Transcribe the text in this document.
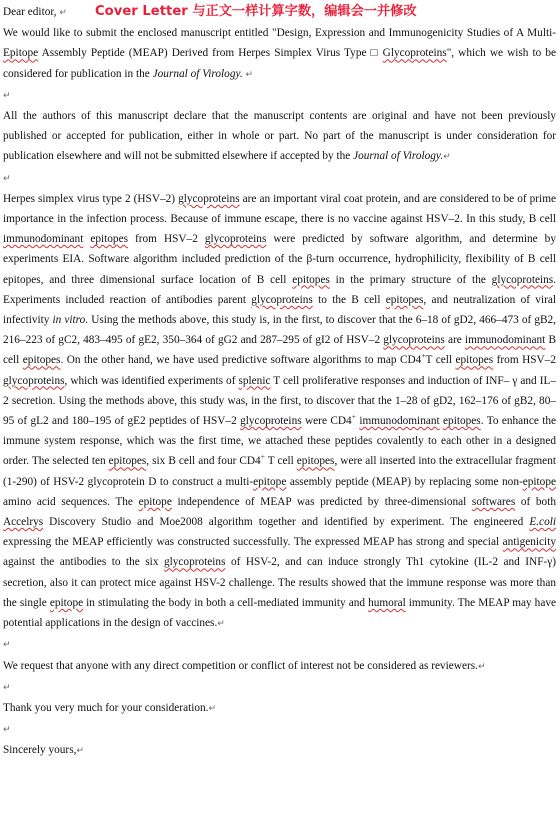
Dear editor, ↵ Cover Letter 与正文一样计算字数，编辑会一并修改
We would like to submit the enclosed manuscript entitled "Design, Expression and Immunogenicity Studies of A Multi-Epitope Assembly Peptide (MEAP) Derived from Herpes Simplex Virus Type □ Glycoproteins", which we wish to be considered for publication in the Journal of Virology. ↵
↵
All the authors of this manuscript declare that the manuscript contents are original and have not been previously published or accepted for publication, either in whole or part. No part of the manuscript is under consideration for publication elsewhere and will not be submitted elsewhere if accepted by the Journal of Virology.↵
↵
Herpes simplex virus type 2 (HSV–2) glycoproteins are an important viral coat protein, and are considered to be of prime importance in the infection process. Because of immune escape, there is no vaccine against HSV–2. In this study, B cell immunodominant epitopes from HSV–2 glycoproteins were predicted by software algorithm, and determine by experiments EIA. Software algorithm included prediction of the β-turn occurrence, hydrophilicity, flexibility of B cell epitopes, and three dimensional surface location of B cell epitopes in the primary structure of the glycoproteins. Experiments included reaction of antibodies parent glycoproteins to the B cell epitopes, and neutralization of viral infectivity in vitro. Using the methods above, this study is, in the first, to discover that the 6–18 of gD2, 466–473 of gB2, 216–223 of gC2, 483–495 of gE2, 350–364 of gG2 and 287–295 of gI2 of HSV–2 glycoproteins are immunodominant B cell epitopes. On the other hand, we have used predictive software algorithms to map CD4+T cell epitopes from HSV–2 glycoproteins, which was identified experiments of splenic T cell proliferative responses and induction of INF– γ and IL–2 secretion. Using the methods above, this study was, in the first, to discover that the 1–28 of gD2, 162–176 of gB2, 80–95 of gL2 and 180–195 of gE2 peptides of HSV–2 glycoproteins were CD4+ immunodominant epitopes. To enhance the immune system response, which was the first time, we attached these peptides covalently to each other in a designed order. The selected ten epitopes, six B cell and four CD4+ T cell epitopes, were all inserted into the extracellular fragment (1-290) of HSV-2 glycoprotein D to construct a multi-epitope assembly peptide (MEAP) by replacing some non-epitope amino acid sequences. The epitope independence of MEAP was predicted by three-dimensional softwares of both Accelrys Discovery Studio and Moe2008 algorithm together and identified by experiment. The engineered E.coli expressing the MEAP efficiently was constructed successfully. The expressed MEAP has strong and special antigenicity against the antibodies to the six glycoproteins of HSV-2, and can induce strongly Th1 cytokine (IL-2 and INF-γ) secretion, also it can protect mice against HSV-2 challenge. The results showed that the immune response was more than the single epitope in stimulating the body in both a cell-mediated immunity and humoral immunity. The MEAP may have potential applications in the design of vaccines.↵
↵
We request that anyone with any direct competition or conflict of interest not be considered as reviewers.↵
↵
Thank you very much for your consideration.↵
↵
Sincerely yours,↵
